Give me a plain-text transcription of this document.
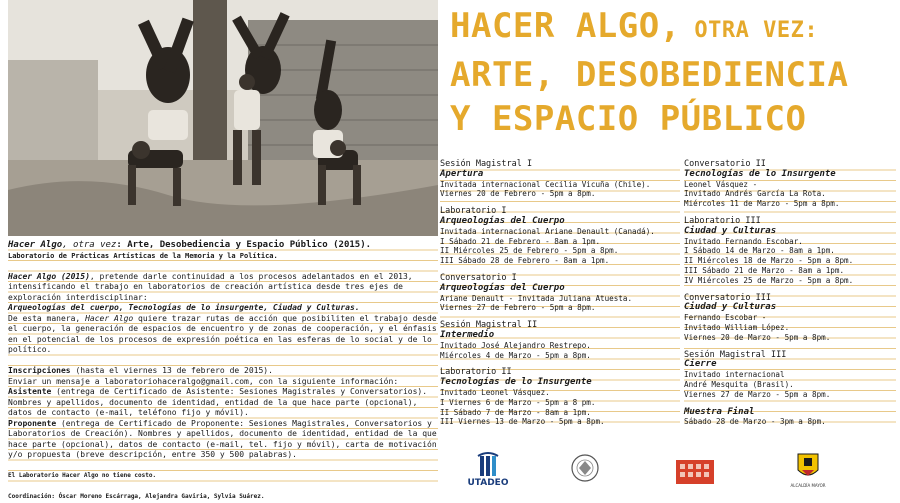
HACER ALGO, OTRA VEZ:
ARTE, DESOBEDIENCIA
Y ESPACIO PÚBLICO

Hacer Algo, otra vez: Arte, Desobediencia y Espacio Público (2015).

Laboratorio de Prácticas Artísticas de la Memoria y la Política.

Hacer Algo (2015), pretende darle continuidad a los procesos adelantados en el 2013, intensificando el trabajo en laboratorios de creación artística desde tres ejes de exploración interdisciplinar:

Arqueologías del cuerpo, Tecnologías de lo insurgente, Ciudad y Culturas.

De esta manera, Hacer Algo quiere trazar rutas de acción que posibiliten el trabajo desde el cuerpo, la generación de espacios de encuentro y de zonas de cooperación, y el énfasis en el potencial de los procesos de expresión poética en las esferas de lo social y de lo político.

Inscripciones (hasta el viernes 13 de febrero de 2015).

Enviar un mensaje a laboratoriohaceralgo@gmail.com, con la siguiente información:

Asistente (entrega de Certificado de Asistente: Sesiones Magistrales y Conversatorios). Nombres y apellidos, documento de identidad, entidad de la que hace parte (opcional), datos de contacto (e-mail, teléfono fijo y móvil).

Proponente (entrega de Certificado de Proponente: Sesiones Magistrales, Conversatorios y Laboratorios de Creación). Nombres y apellidos, documento de identidad, entidad de la que hace parte (opcional), datos de contacto (e-mail, tel. fijo y móvil), carta de motivación y/o propuesta (breve descripción, entre 350 y 500 palabras).

El Laboratorio Hacer Algo no tiene costo.

Coordinación: Óscar Moreno Escárraga, Alejandra Gaviria, Sylvia Suárez.

Sesión Magistral I
Apertura
Invitada internacional Cecilia Vicuña (Chile).
Viernes 20 de Febrero - 5pm a 8pm.
Laboratorio I
Arqueologías del Cuerpo
Invitada internacional Ariane Denault (Canadá).
I Sábado 21 de Febrero - 8am a 1pm.
II Miércoles 25 de Febrero - 5pm a 8pm.
III Sábado 28 de Febrero - 8am a 1pm.
Conversatorio I
Arqueologías del Cuerpo
Ariane Denault - Invitada Juliana Atuesta.
Viernes 27 de Febrero - 5pm a 8pm.
Sesión Magistral II
Intermedio
Invitado José Alejandro Restrepo.
Miércoles 4 de Marzo - 5pm a 8pm.
Laboratorio II
Tecnologías de lo Insurgente
Invitado Leonel Vásquez.
I Viernes 6 de Marzo - 5pm a 8 pm.
II Sábado 7 de Marzo - 8am a 1pm.
III Viernes 13 de Marzo - 5pm a 8pm.
Conversatorio II
Tecnologías de lo Insurgente
Leonel Vásquez -
Invitado Andrés García La Rota.
Miércoles 11 de Marzo - 5pm a 8pm.
Laboratorio III
Ciudad y Culturas
Invitado Fernando Escobar.
I Sábado 14 de Marzo - 8am a 1pm.
II Miércoles 18 de Marzo - 5pm a 8pm.
III Sábado 21 de Marzo - 8am a 1pm.
IV Miércoles 25 de Marzo - 5pm a 8pm.
Conversatorio III
Ciudad y Culturas
Fernando Escobar -
Invitado William López.
Viernes 20 de Marzo - 5pm a 8pm.
Sesión Magistral III
Cierre
Invitado internacional
André Mesquita (Brasil).
Viernes 27 de Marzo - 5pm a 8pm.
Muestra Final
Sábado 28 de Marzo - 3pm a 8pm.
UTADEO	ALCALDÍA MAYOR
